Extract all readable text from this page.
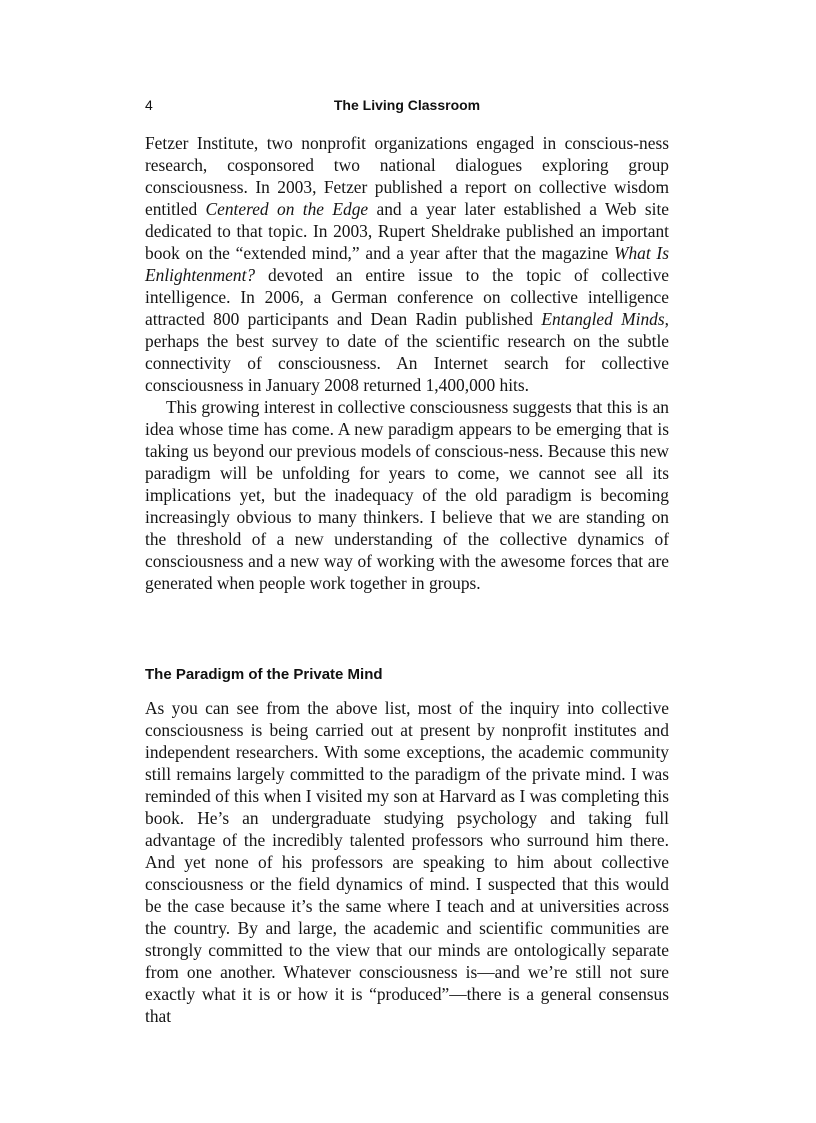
4	The Living Classroom

Fetzer Institute, two nonprofit organizations engaged in conscious-ness research, cosponsored two national dialogues exploring group consciousness. In 2003, Fetzer published a report on collective wisdom entitled Centered on the Edge and a year later established a Web site dedicated to that topic. In 2003, Rupert Sheldrake published an important book on the “extended mind,” and a year after that the magazine What Is Enlightenment? devoted an entire issue to the topic of collective intelligence. In 2006, a German conference on collective intelligence attracted 800 participants and Dean Radin published Entangled Minds, perhaps the best survey to date of the scientific research on the subtle connectivity of consciousness. An Internet search for collective consciousness in January 2008 returned 1,400,000 hits.

This growing interest in collective consciousness suggests that this is an idea whose time has come. A new paradigm appears to be emerging that is taking us beyond our previous models of conscious-ness. Because this new paradigm will be unfolding for years to come, we cannot see all its implications yet, but the inadequacy of the old paradigm is becoming increasingly obvious to many thinkers. I believe that we are standing on the threshold of a new understanding of the collective dynamics of consciousness and a new way of working with the awesome forces that are generated when people work together in groups.

The Paradigm of the Private Mind

As you can see from the above list, most of the inquiry into collective consciousness is being carried out at present by nonprofit institutes and independent researchers. With some exceptions, the academic community still remains largely committed to the paradigm of the private mind. I was reminded of this when I visited my son at Harvard as I was completing this book. He’s an undergraduate studying psychology and taking full advantage of the incredibly talented professors who surround him there. And yet none of his professors are speaking to him about collective consciousness or the field dynamics of mind. I suspected that this would be the case because it’s the same where I teach and at universities across the country. By and large, the academic and scientific communities are strongly committed to the view that our minds are ontologically separate from one another. Whatever consciousness is—and we’re still not sure exactly what it is or how it is “produced”—there is a general consensus that
